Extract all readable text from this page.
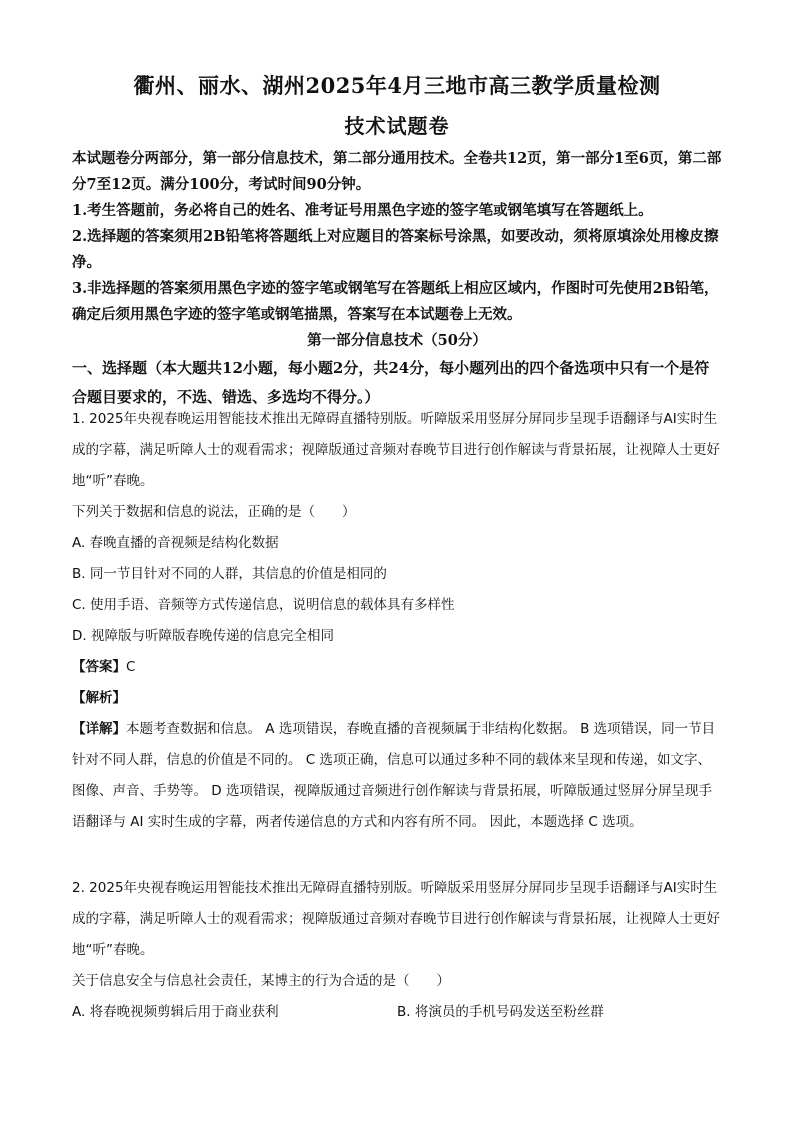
衢州、丽水、湖州2025年4月三地市高三教学质量检测
技术试题卷
本试题卷分两部分，第一部分信息技术，第二部分通用技术。全卷共12页，第一部分1至6页，第二部分7至12页。满分100分，考试时间90分钟。
1.考生答题前，务必将自己的姓名、准考证号用黑色字迹的签字笔或钢笔填写在答题纸上。
2.选择题的答案须用2B铅笔将答题纸上对应题目的答案标号涂黑，如要改动，须将原填涂处用橡皮擦净。
3.非选择题的答案须用黑色字迹的签字笔或钢笔写在答题纸上相应区域内，作图时可先使用2B铅笔，确定后须用黑色字迹的签字笔或钢笔描黑，答案写在本试题卷上无效。
第一部分信息技术（50分）
一、选择题（本大题共12小题，每小题2分，共24分，每小题列出的四个备选项中只有一个是符合题目要求的，不选、错选、多选均不得分。）
1. 2025年央视春晚运用智能技术推出无障碍直播特别版。听障版采用竖屏分屏同步呈现手语翻译与AI实时生成的字幕，满足听障人士的观看需求；视障版通过音频对春晚节目进行创作解读与背景拓展，让视障人士更好地“听”春晚。
下列关于数据和信息的说法，正确的是（　　）
A. 春晚直播的音视频是结构化数据
B. 同一节目针对不同的人群，其信息的价值是相同的
C. 使用手语、音频等方式传递信息，说明信息的载体具有多样性
D. 视障版与听障版春晚传递的信息完全相同
【答案】C
【解析】
【详解】本题考查数据和信息。 A 选项错误，春晚直播的音视频属于非结构化数据。 B 选项错误，同一节目针对不同人群，信息的价值是不同的。 C 选项正确，信息可以通过多种不同的载体来呈现和传递，如文字、图像、声音、手势等。 D 选项错误，视障版通过音频进行创作解读与背景拓展，听障版通过竖屏分屏呈现手语翻译与 AI 实时生成的字幕，两者传递信息的方式和内容有所不同。 因此，本题选择 C 选项。
2. 2025年央视春晚运用智能技术推出无障碍直播特别版。听障版采用竖屏分屏同步呈现手语翻译与AI实时生成的字幕，满足听障人士的观看需求；视障版通过音频对春晚节目进行创作解读与背景拓展，让视障人士更好地“听”春晚。
关于信息安全与信息社会责任，某博主的行为合适的是（　　）
A. 将春晚视频剪辑后用于商业获利	B. 将演员的手机号码发送至粉丝群
